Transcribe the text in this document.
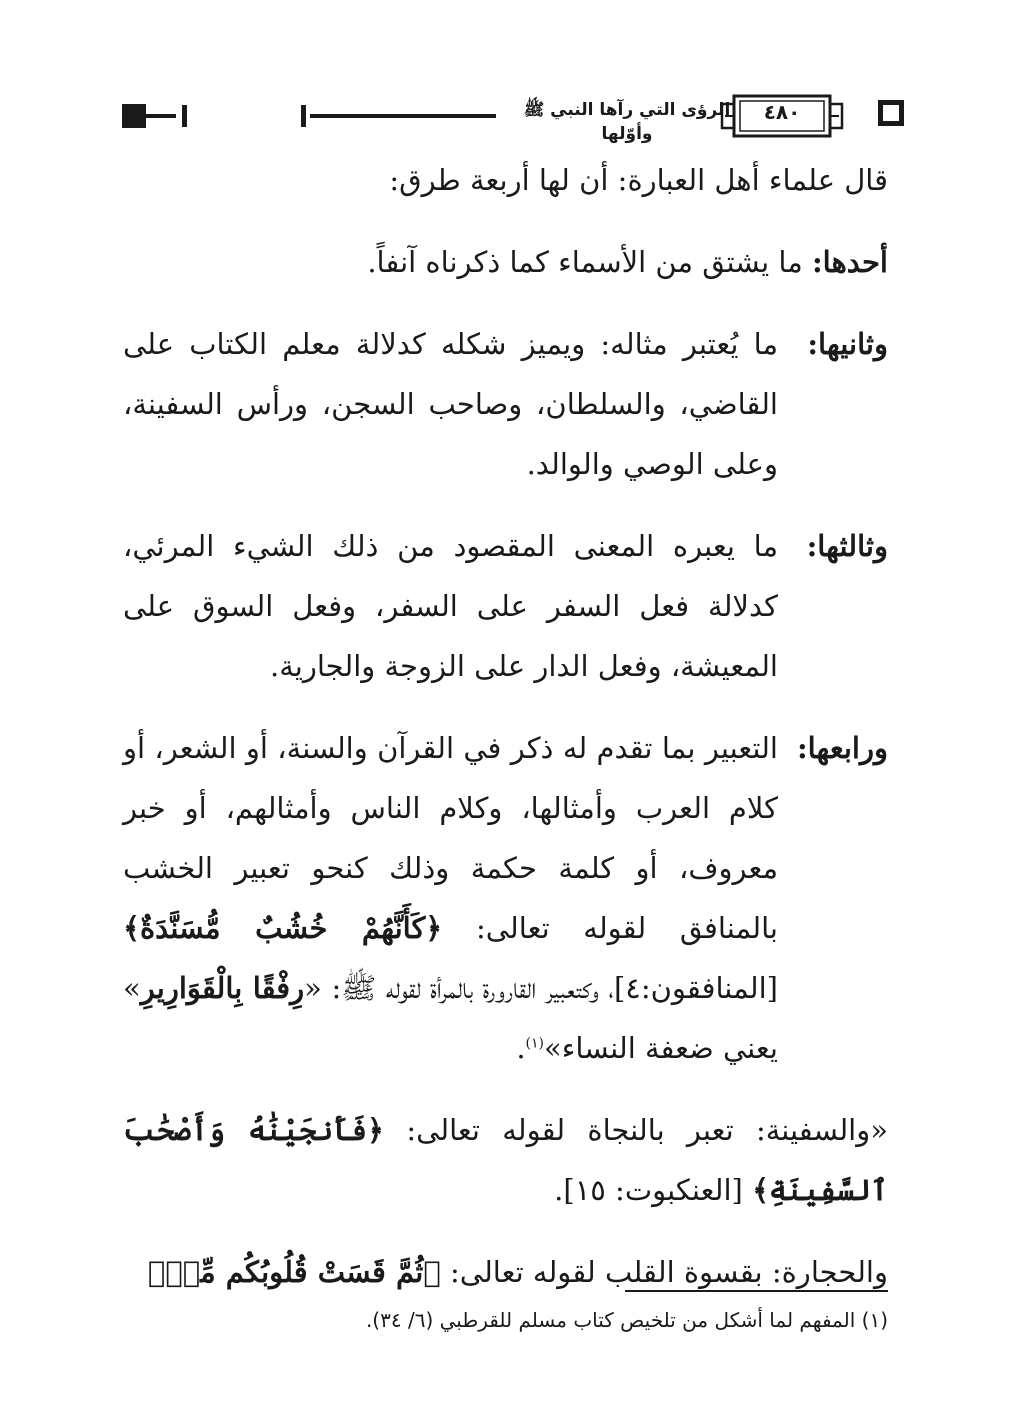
الرؤى التي رآها النبي ﷺ وأوّلها
٤٨٠

قال علماء أهل العبارة: أن لها أربعة طرق:

أحدها: ما يشتق من الأسماء كما ذكرناه آنفاً.

وثانيها:
ما يُعتبر مثاله: ويميز شكله كدلالة معلم الكتاب على القاضي، والسلطان، وصاحب السجن، ورأس السفينة، وعلى الوصي والوالد.
وثالثها:
ما يعبره المعنى المقصود من ذلك الشيء المرئي، كدلالة فعل السفر على السفر، وفعل السوق على المعيشة، وفعل الدار على الزوجة والجارية.
ورابعها:
التعبير بما تقدم له ذكر في القرآن والسنة، أو الشعر، أو كلام العرب وأمثالها، وكلام الناس وأمثالهم، أو خبر معروف، أو كلمة حكمة وذلك كنحو تعبير الخشب بالمنافق لقوله تعالى: ﴿كَأَنَّهُمْ خُشُبٌ مُّسَنَّدَةٌ﴾ [المنافقون:٤]، وكتعبير القارورة بالمرأة لقوله ﷺ: «رِفْقًا بِالْقَوَارِيرِ» يعني ضعفة النساء»$^{(١)}$.

«والسفينة: تعبر بالنجاة لقوله تعالى: ﴿فَأَنجَيْنَٰهُ وَأَصْحَٰبَ ٱلسَّفِينَةِ﴾ [العنكبوت: ١٥].

والحجارة: بقسوة القلب لقوله تعالى: ﴿ثُمَّ قَسَتْ قُلُوبُكُم مِّنْۢ

(١) المفهم لما أشكل من تلخيص كتاب مسلم للقرطبي (٦/ ٣٤).
